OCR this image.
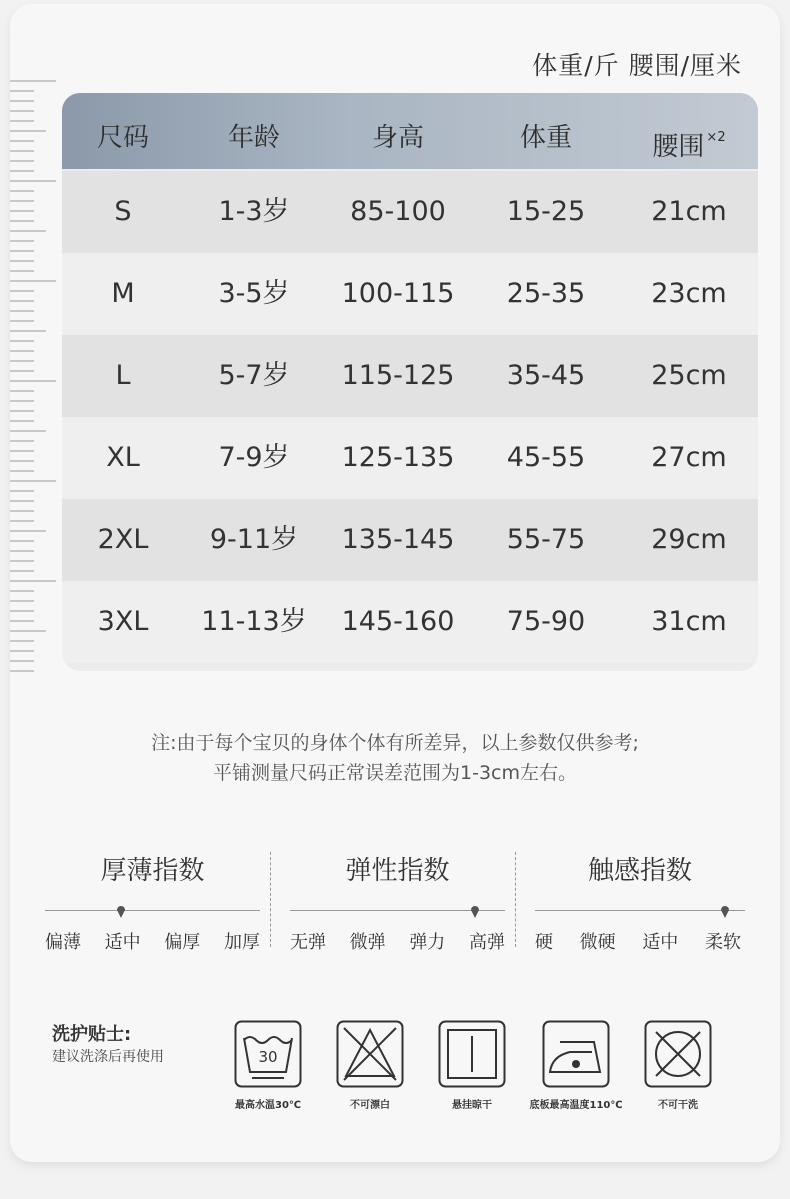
体重/斤 腰围/厘米
尺码	年龄	身高	体重	腰围 $^{\times 2}$
S	1-3岁	85-100	15-25	21cm
M	3-5岁	100-115	25-35	23cm
L	5-7岁	115-125	35-45	25cm
XL	7-9岁	125-135	45-55	27cm
2XL	9-11岁	135-145	55-75	29cm
3XL	11-13岁	145-160	75-90	31cm
注:由于每个宝贝的身体个体有所差异，以上参数仅供参考;
平铺测量尺码正常误差范围为1-3cm左右。
厚薄指数
偏薄 适中 偏厚 加厚
弹性指数
无弹 微弹 弹力 高弹
触感指数
硬 微硬 适中 柔软
洗护贴士:
建议洗涤后再使用	30
最高水温30℃	不可漂白	悬挂晾干	底板最高温度110℃	不可干洗
